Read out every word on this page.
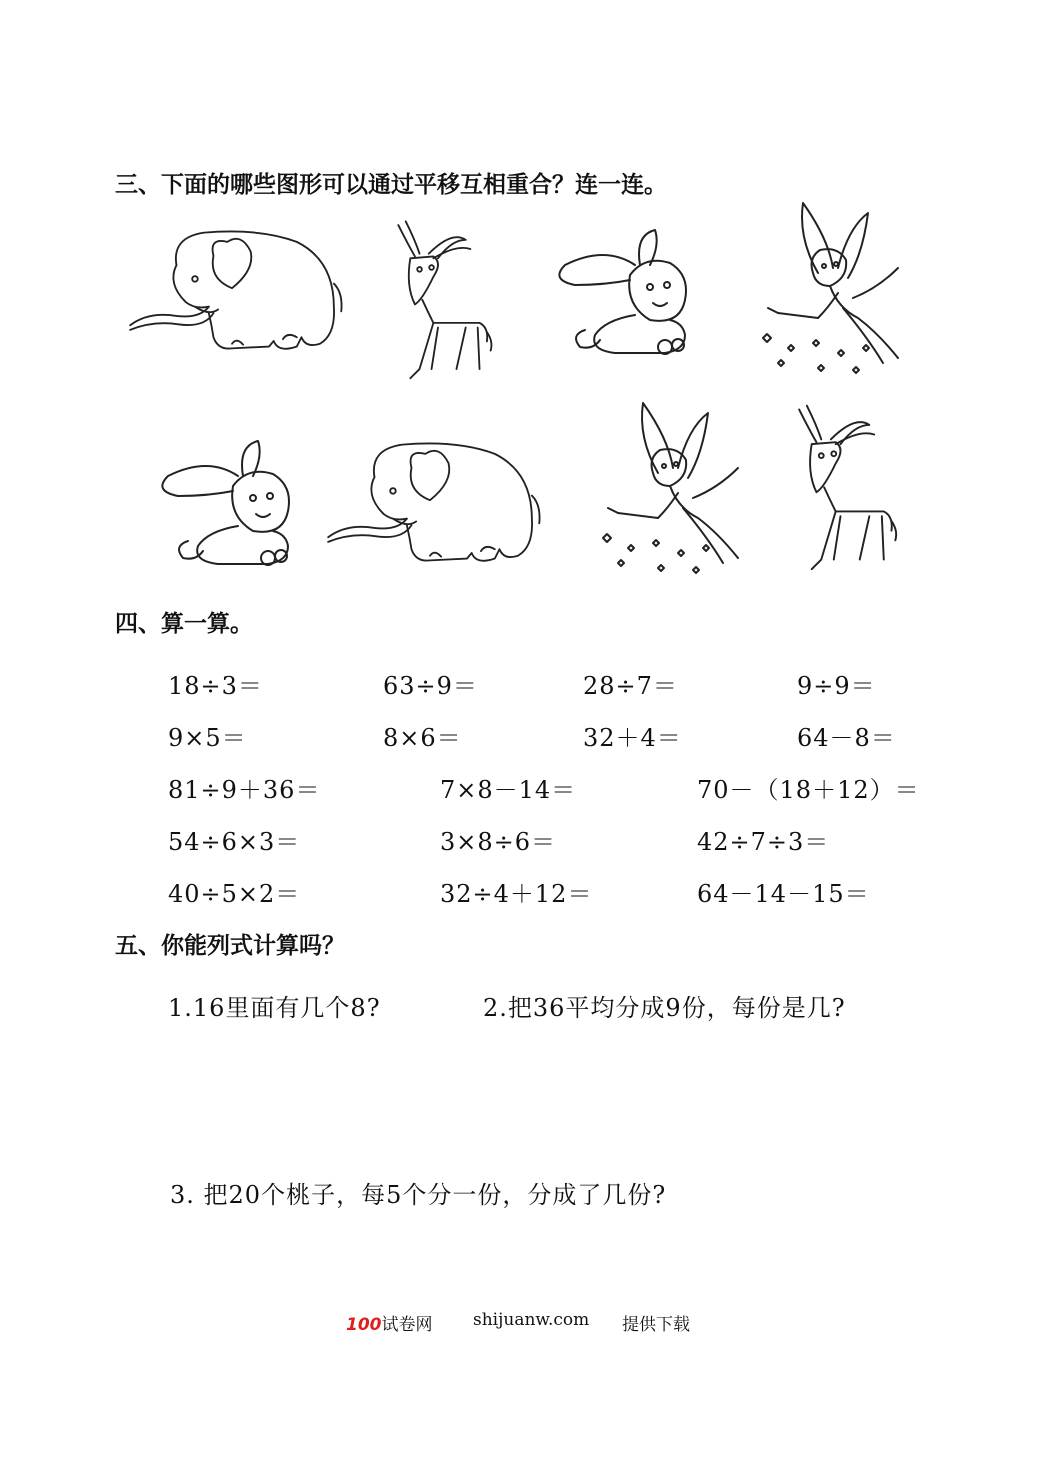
三、下面的哪些图形可以通过平移互相重合？连一连。
四、算一算。
18÷3＝	63÷9＝	28÷7＝	9÷9＝
9×5＝	8×6＝	32＋4＝	64－8＝
81÷9＋36＝	7×8－14＝	70－（18＋12）＝
54÷6×3＝	3×8÷6＝	42÷7÷3＝
40÷5×2＝	32÷4＋12＝	64－14－15＝
五、你能列式计算吗？
1.16里面有几个8?	2.把36平均分成9份，每份是几?
3. 把20个桃子，每5个分一份，分成了几份?
100试卷网 shijuanw.com 提供下载
